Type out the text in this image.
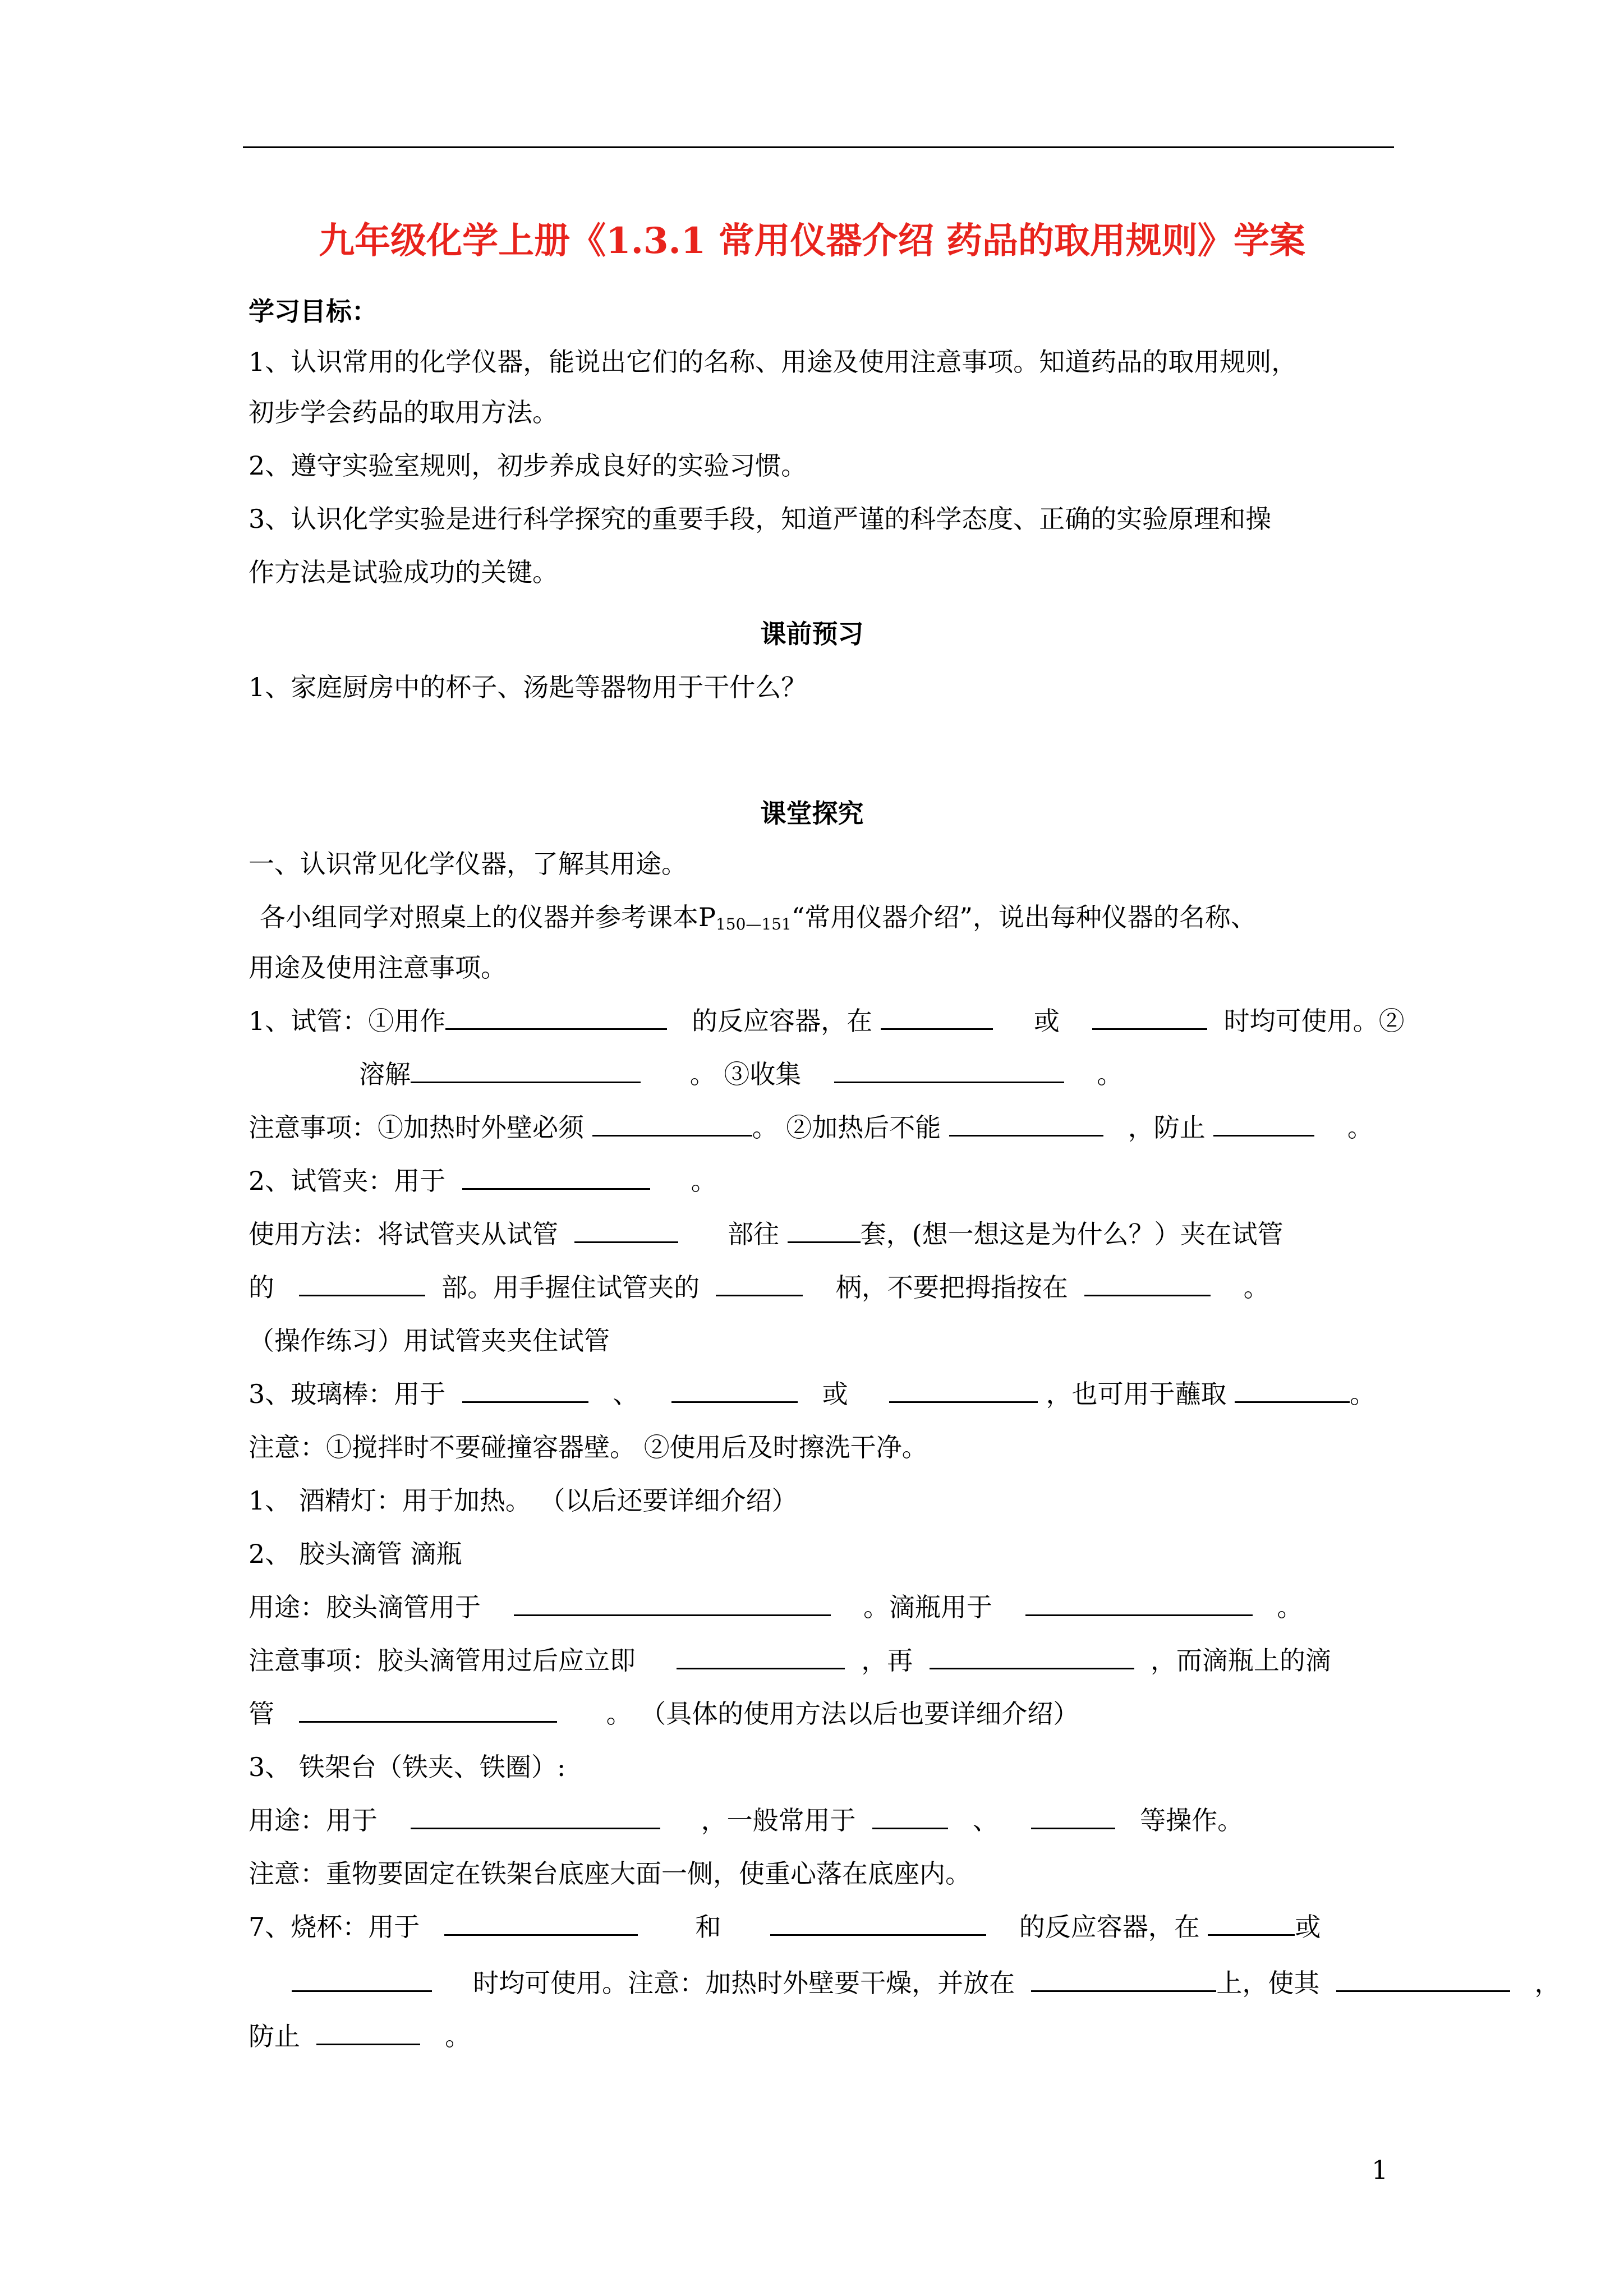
九年级化学上册《1.3.1 常用仪器介绍 药品的取用规则》学案

学习目标：

1、认识常用的化学仪器，能说出它们的名称、用途及使用注意事项。知道药品的取用规则，

初步学会药品的取用方法。

2、遵守实验室规则，初步养成良好的实验习惯。

3、认识化学实验是进行科学探究的重要手段，知道严谨的科学态度、正确的实验原理和操

作方法是试验成功的关键。

课前预习

1、家庭厨房中的杯子、汤匙等器物用于干什么？

课堂探究

一、认识常见化学仪器，了解其用途。

各小组同学对照桌上的仪器并参考课本$P_{150—151}“$常用仪器介绍”，说出每种仪器的名称、

用途及使用注意事项。

1、试管：①用作	的反应容器，在	或	时均可使用。②

溶解	。 ③收集	。

注意事项：①加热时外壁必须	。 ②加热后不能	，防止	。

2、试管夹：用于	。

使用方法：将试管夹从试管	部往	套，(想一想这是为什么？）夹在试管

的	部。用手握住试管夹的	柄，不要把拇指按在	。

（操作练习）用试管夹夹住试管

3、玻璃棒：用于	、	或	，也可用于蘸取	。

注意：①搅拌时不要碰撞容器壁。 ②使用后及时擦洗干净。

1、 酒精灯：用于加热。 （以后还要详细介绍）

2、 胶头滴管 滴瓶

用途：胶头滴管用于	。滴瓶用于	。

注意事项：胶头滴管用过后应立即	，再	，而滴瓶上的滴

管	。 （具体的使用方法以后也要详细介绍）

3、 铁架台（铁夹、铁圈）:

用途：用于	，一般常用于	、	等操作。

注意：重物要固定在铁架台底座大面一侧，使重心落在底座内。

7、烧杯：用于	和	的反应容器，在	或

时均可使用。注意：加热时外壁要干燥，并放在	上，使其	，

防止	。

1
